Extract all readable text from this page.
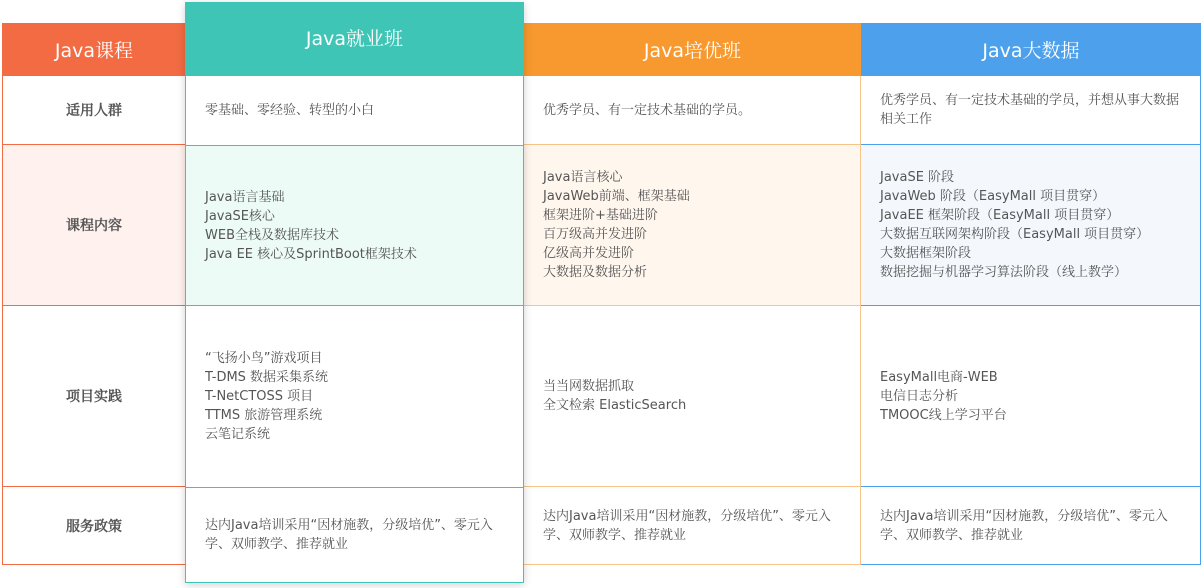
Java课程	Java培优班	Java大数据
Java就业班
零基础、零经验、转型的小白
Java语言基础
JavaSE核心
WEB全栈及数据库技术
Java EE 核心及SprintBoot框架技术
“飞扬小鸟”游戏项目
T-DMS 数据采集系统
T-NetCTOSS 项目
TTMS 旅游管理系统
云笔记系统
达内Java培训采用“因材施教，分级培优”、零元入学、双师教学、推荐就业
适用人群
课程内容
项目实践
服务政策
优秀学员、有一定技术基础的学员。
Java语言核心
JavaWeb前端、框架基础
框架进阶+基础进阶
百万级高并发进阶
亿级高并发进阶
大数据及数据分析
当当网数据抓取
全文检索 ElasticSearch
达内Java培训采用“因材施教，分级培优”、零元入学、双师教学、推荐就业
优秀学员、有一定技术基础的学员，并想从事大数据相关工作
JavaSE 阶段
JavaWeb 阶段（EasyMall 项目贯穿）
JavaEE 框架阶段（EasyMall 项目贯穿）
大数据互联网架构阶段（EasyMall 项目贯穿）
大数据框架阶段
数据挖掘与机器学习算法阶段（线上教学）
EasyMall电商-WEB
电信日志分析
TMOOC线上学习平台
达内Java培训采用“因材施教，分级培优”、零元入学、双师教学、推荐就业
